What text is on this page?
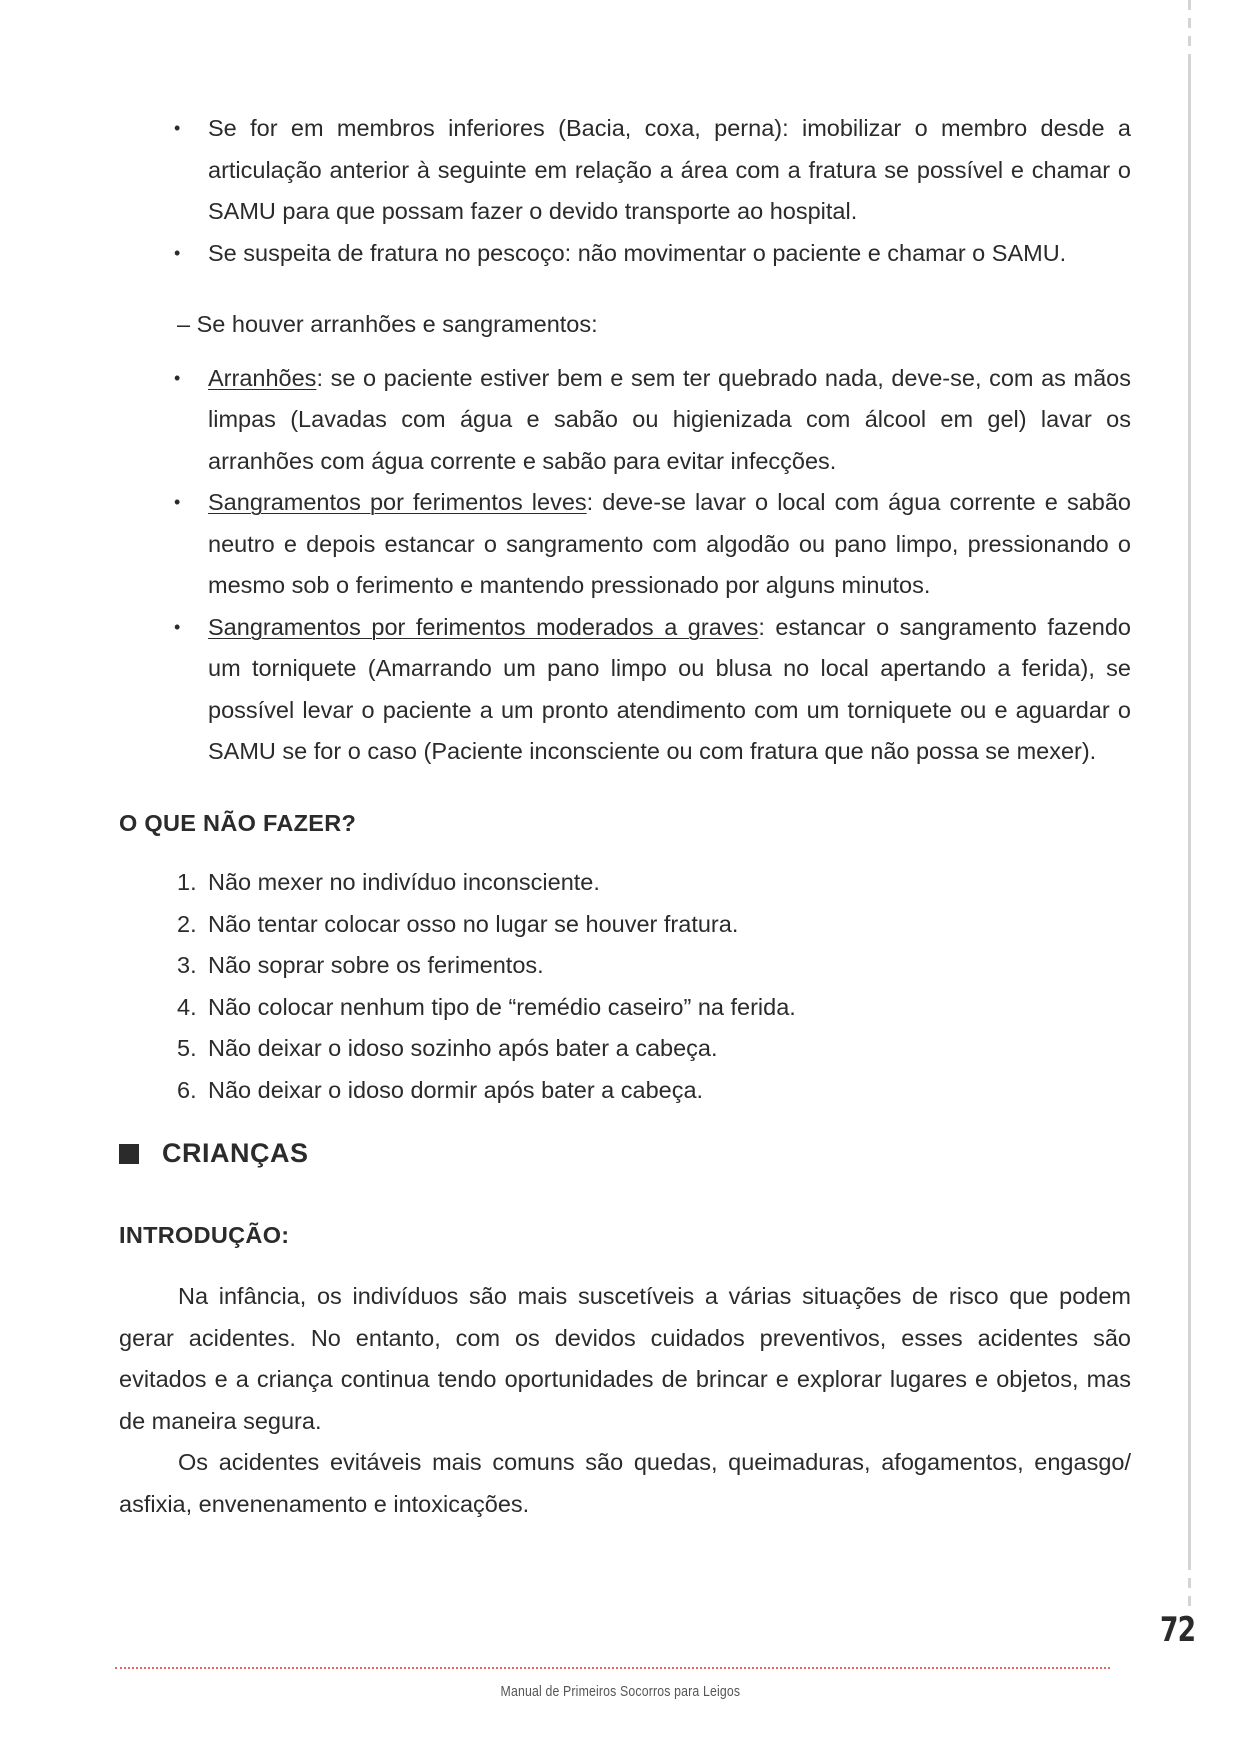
• Se for em membros inferiores (Bacia, coxa, perna): imobilizar o membro desde a articulação anterior à seguinte em relação a área com a fratura se possível e chamar o SAMU para que possam fazer o devido transporte ao hospital.
• Se suspeita de fratura no pescoço: não movimentar o paciente e chamar o SAMU.
– Se houver arranhões e sangramentos:
• Arranhões: se o paciente estiver bem e sem ter quebrado nada, deve-se, com as mãos limpas (Lavadas com água e sabão ou higienizada com álcool em gel) lavar os arranhões com água corrente e sabão para evitar infecções.
• Sangramentos por ferimentos leves: deve-se lavar o local com água corrente e sabão neutro e depois estancar o sangramento com algodão ou pano limpo, pressionando o mesmo sob o ferimento e mantendo pressionado por alguns minutos.
• Sangramentos por ferimentos moderados a graves: estancar o sangramento fazendo um torniquete (Amarrando um pano limpo ou blusa no local apertando a ferida), se possível levar o paciente a um pronto atendimento com um torniquete ou e aguardar o SAMU se for o caso (Paciente inconsciente ou com fratura que não possa se mexer).
O QUE NÃO FAZER?
1. Não mexer no indivíduo inconsciente.
2. Não tentar colocar osso no lugar se houver fratura.
3. Não soprar sobre os ferimentos.
4. Não colocar nenhum tipo de “remédio caseiro” na ferida.
5. Não deixar o idoso sozinho após bater a cabeça.
6. Não deixar o idoso dormir após bater a cabeça.
CRIANÇAS
INTRODUÇÃO:

Na infância, os indivíduos são mais suscetíveis a várias situações de risco que podem gerar acidentes. No entanto, com os devidos cuidados preventivos, esses acidentes são evitados e a criança continua tendo oportunidades de brincar e explorar lugares e objetos, mas de maneira segura.

Os acidentes evitáveis mais comuns são quedas, queimaduras, afogamentos, engasgo/ asfixia, envenenamento e intoxicações.

72
Manual de Primeiros Socorros para Leigos
